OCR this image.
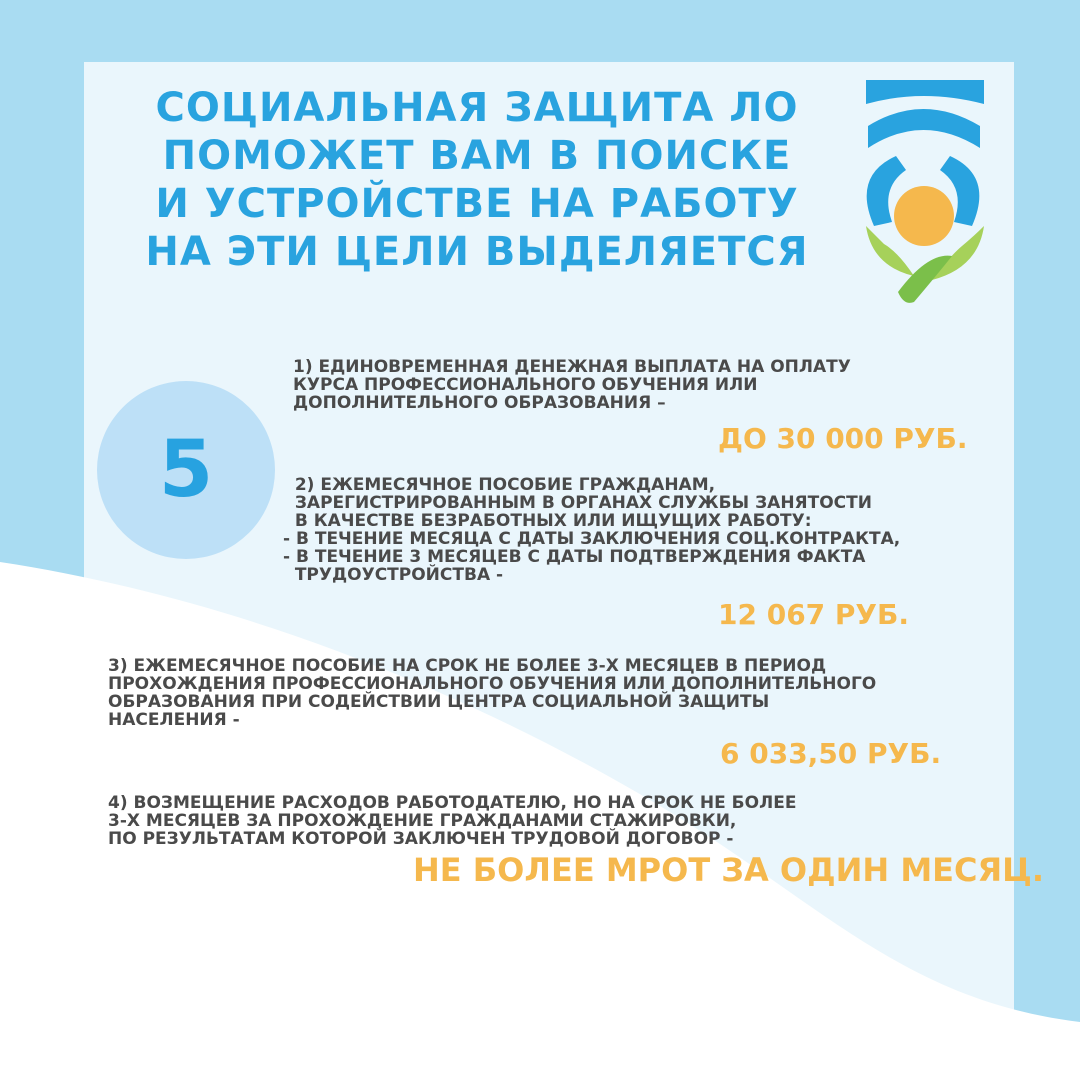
СОЦИАЛЬНАЯ ЗАЩИТА ЛО
ПОМОЖЕТ ВАМ В ПОИСКЕ
И УСТРОЙСТВЕ НА РАБОТУ
НА ЭТИ ЦЕЛИ ВЫДЕЛЯЕТСЯ
5
1) ЕДИНОВРЕМЕННАЯ ДЕНЕЖНАЯ ВЫПЛАТА НА ОПЛАТУ
КУРСА ПРОФЕССИОНАЛЬНОГО ОБУЧЕНИЯ ИЛИ
ДОПОЛНИТЕЛЬНОГО ОБРАЗОВАНИЯ –
ДО 30 000 РУБ.
2) ЕЖЕМЕСЯЧНОЕ ПОСОБИЕ ГРАЖДАНАМ,
ЗАРЕГИСТРИРОВАННЫМ В ОРГАНАХ СЛУЖБЫ ЗАНЯТОСТИ
В КАЧЕСТВЕ БЕЗРАБОТНЫХ ИЛИ ИЩУЩИХ РАБОТУ:
- В ТЕЧЕНИЕ МЕСЯЦА С ДАТЫ ЗАКЛЮЧЕНИЯ СОЦ.КОНТРАКТА,
- В ТЕЧЕНИЕ 3 МЕСЯЦЕВ С ДАТЫ ПОДТВЕРЖДЕНИЯ ФАКТА
ТРУДОУСТРОЙСТВА -
12 067 РУБ.
3) ЕЖЕМЕСЯЧНОЕ ПОСОБИЕ НА СРОК НЕ БОЛЕЕ 3-Х МЕСЯЦЕВ В ПЕРИОД
ПРОХОЖДЕНИЯ ПРОФЕССИОНАЛЬНОГО ОБУЧЕНИЯ ИЛИ ДОПОЛНИТЕЛЬНОГО
ОБРАЗОВАНИЯ ПРИ СОДЕЙСТВИИ ЦЕНТРА СОЦИАЛЬНОЙ ЗАЩИТЫ
НАСЕЛЕНИЯ -
6 033,50 РУБ.
4) ВОЗМЕЩЕНИЕ РАСХОДОВ РАБОТОДАТЕЛЮ, НО НА СРОК НЕ БОЛЕЕ
3-Х МЕСЯЦЕВ ЗА ПРОХОЖДЕНИЕ ГРАЖДАНАМИ СТАЖИРОВКИ,
ПО РЕЗУЛЬТАТАМ КОТОРОЙ ЗАКЛЮЧЕН ТРУДОВОЙ ДОГОВОР -
НЕ БОЛЕЕ МРОТ ЗА ОДИН МЕСЯЦ.
